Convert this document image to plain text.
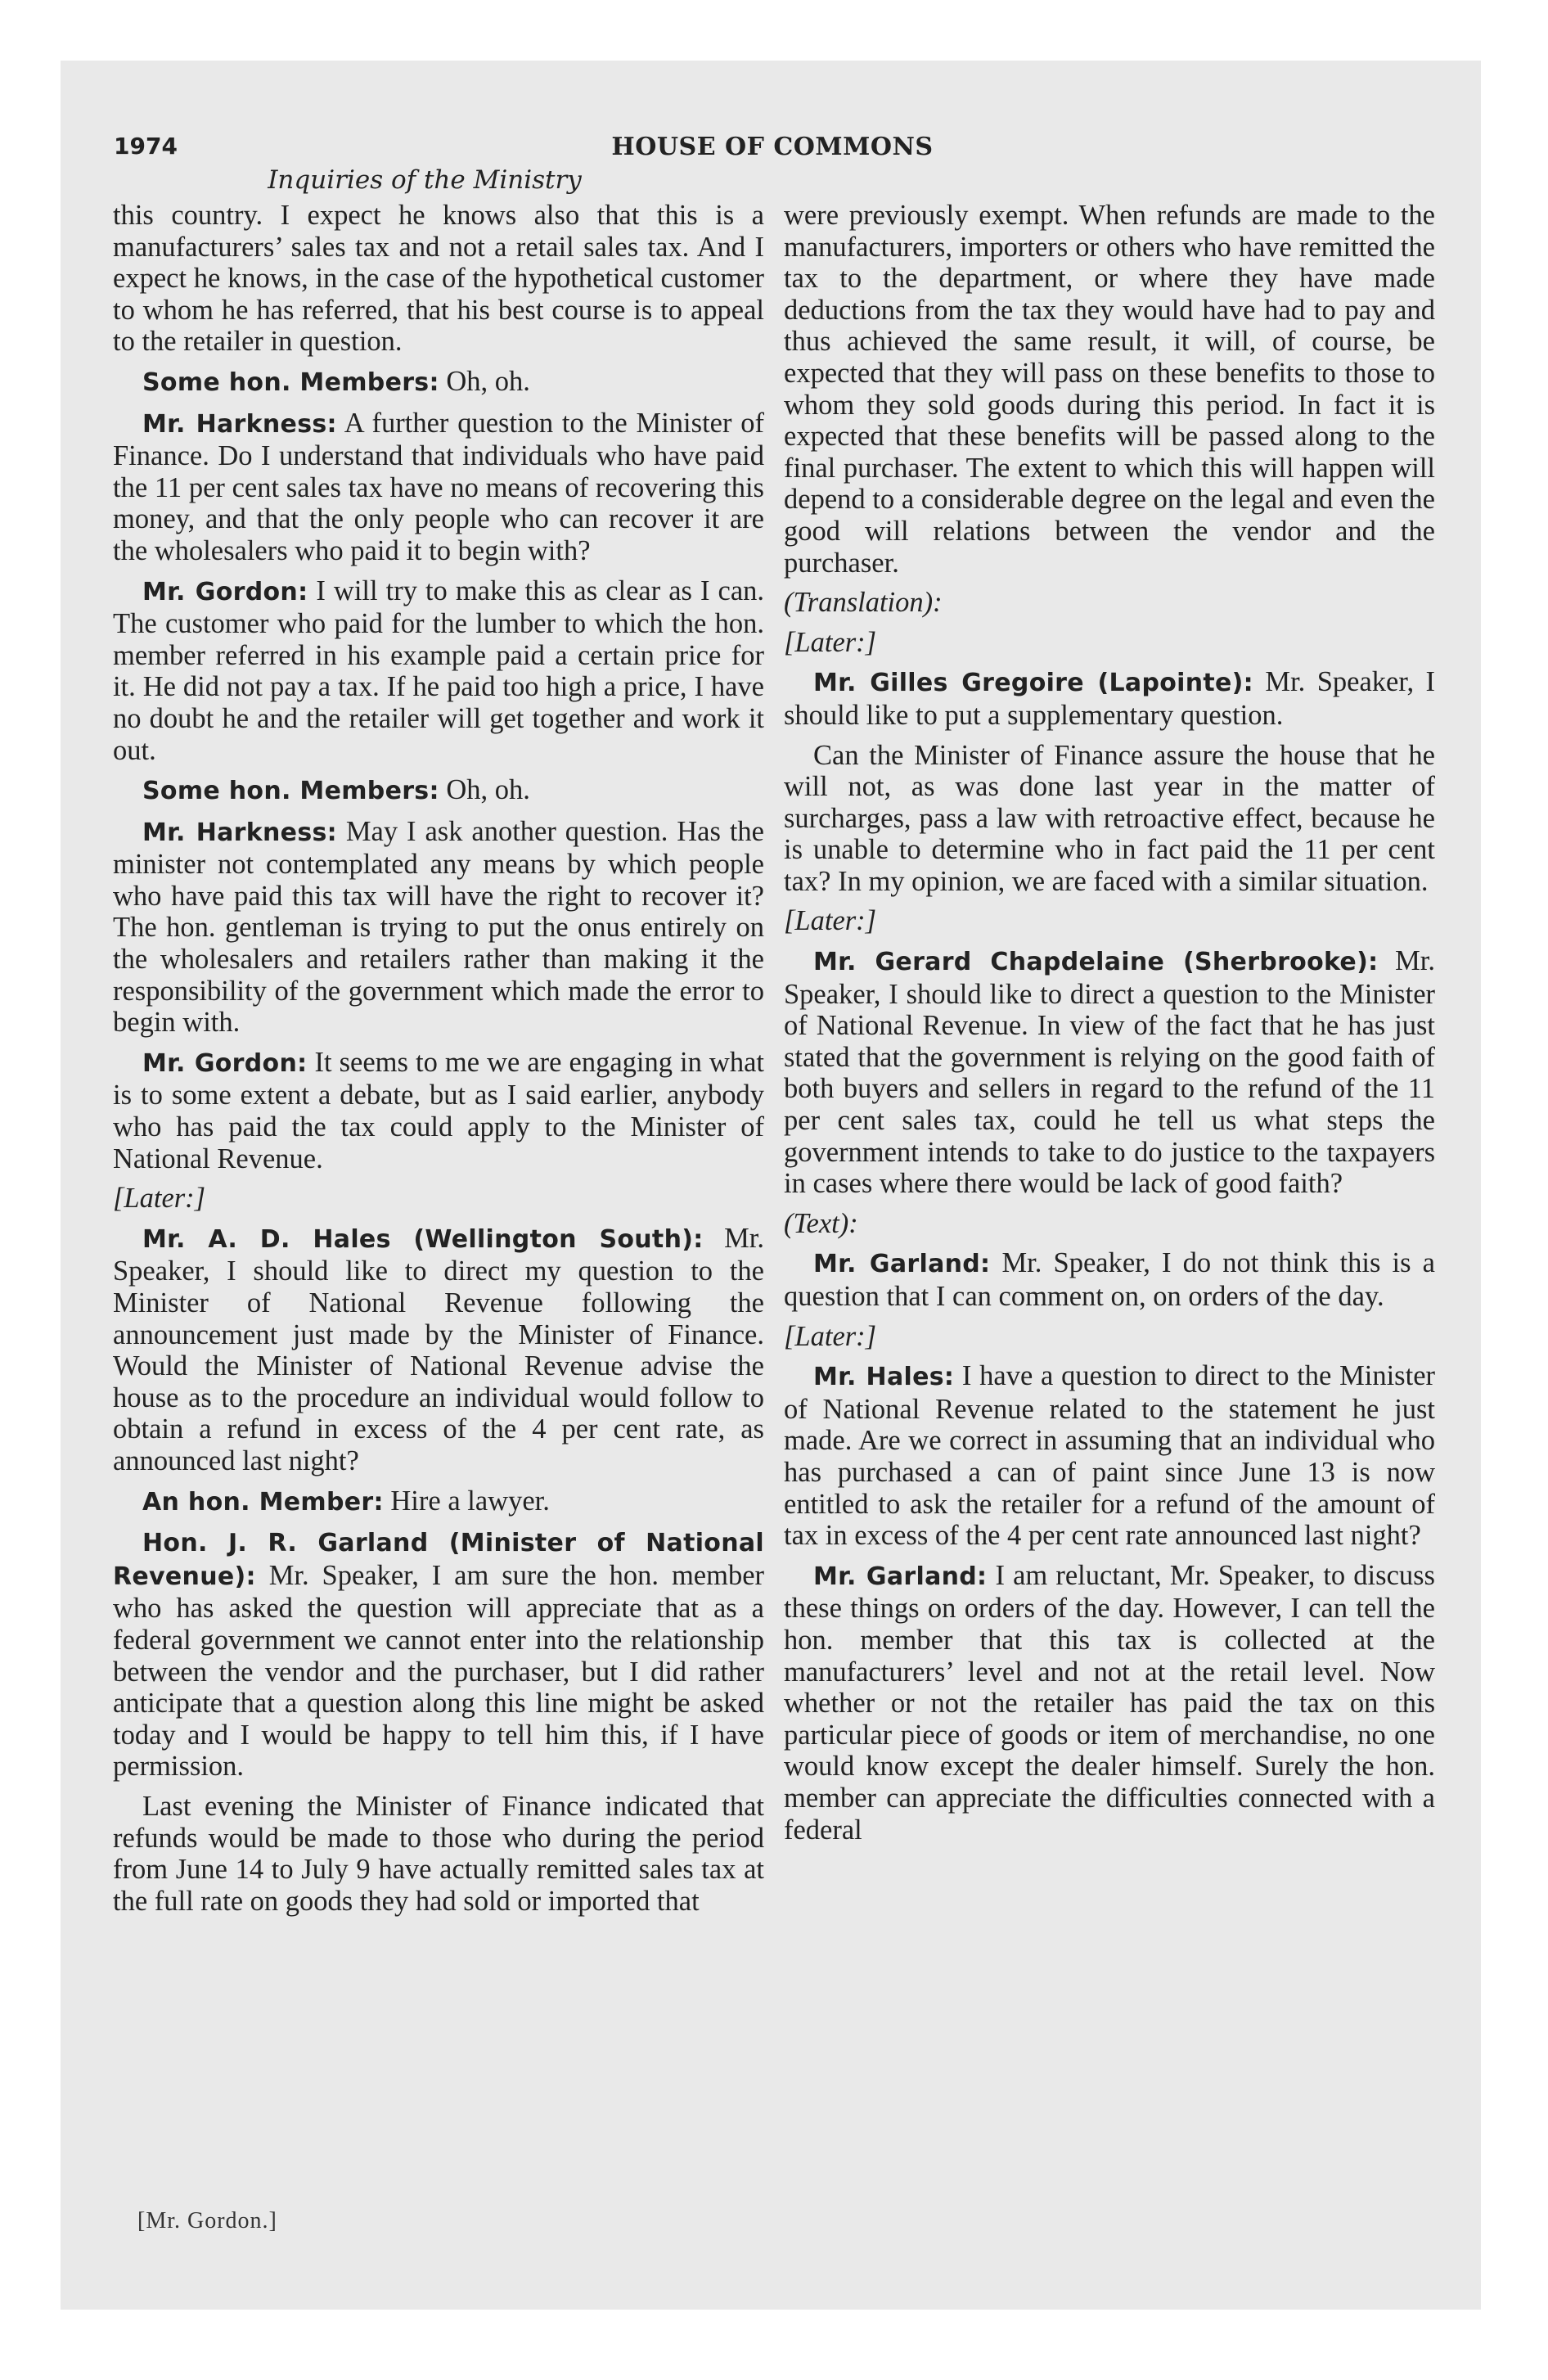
1974	HOUSE OF COMMONS
Inquiries of the Ministry

this country. I expect he knows also that this is a manufacturers’ sales tax and not a retail sales tax. And I expect he knows, in the case of the hypothetical customer to whom he has referred, that his best course is to appeal to the retailer in question.

Some hon. Members: Oh, oh.

Mr. Harkness: A further question to the Minister of Finance. Do I understand that individuals who have paid the 11 per cent sales tax have no means of recovering this money, and that the only people who can recover it are the wholesalers who paid it to begin with?

Mr. Gordon: I will try to make this as clear as I can. The customer who paid for the lumber to which the hon. member referred in his example paid a certain price for it. He did not pay a tax. If he paid too high a price, I have no doubt he and the retailer will get together and work it out.

Some hon. Members: Oh, oh.

Mr. Harkness: May I ask another question. Has the minister not contemplated any means by which people who have paid this tax will have the right to recover it? The hon. gentleman is trying to put the onus entirely on the wholesalers and retailers rather than making it the responsibility of the government which made the error to begin with.

Mr. Gordon: It seems to me we are engaging in what is to some extent a debate, but as I said earlier, anybody who has paid the tax could apply to the Minister of National Revenue.

[Later:]

Mr. A. D. Hales (Wellington South): Mr. Speaker, I should like to direct my question to the Minister of National Revenue following the announcement just made by the Minister of Finance. Would the Minister of National Revenue advise the house as to the procedure an individual would follow to obtain a refund in excess of the 4 per cent rate, as announced last night?

An hon. Member: Hire a lawyer.

Hon. J. R. Garland (Minister of National Revenue): Mr. Speaker, I am sure the hon. member who has asked the question will appreciate that as a federal government we cannot enter into the relationship between the vendor and the purchaser, but I did rather anticipate that a question along this line might be asked today and I would be happy to tell him this, if I have permission.

Last evening the Minister of Finance indicated that refunds would be made to those who during the period from June 14 to July 9 have actually remitted sales tax at the full rate on goods they had sold or imported that

were previously exempt. When refunds are made to the manufacturers, importers or others who have remitted the tax to the department, or where they have made deductions from the tax they would have had to pay and thus achieved the same result, it will, of course, be expected that they will pass on these benefits to those to whom they sold goods during this period. In fact it is expected that these benefits will be passed along to the final purchaser. The extent to which this will happen will depend to a considerable degree on the legal and even the good will relations between the vendor and the purchaser.

(Translation):

[Later:]

Mr. Gilles Gregoire (Lapointe): Mr. Speaker, I should like to put a supplementary question.

Can the Minister of Finance assure the house that he will not, as was done last year in the matter of surcharges, pass a law with retroactive effect, because he is unable to determine who in fact paid the 11 per cent tax? In my opinion, we are faced with a similar situation.

[Later:]

Mr. Gerard Chapdelaine (Sherbrooke): Mr. Speaker, I should like to direct a question to the Minister of National Revenue. In view of the fact that he has just stated that the government is relying on the good faith of both buyers and sellers in regard to the refund of the 11 per cent sales tax, could he tell us what steps the government intends to take to do justice to the taxpayers in cases where there would be lack of good faith?

(Text):

Mr. Garland: Mr. Speaker, I do not think this is a question that I can comment on, on orders of the day.

[Later:]

Mr. Hales: I have a question to direct to the Minister of National Revenue related to the statement he just made. Are we correct in assuming that an individual who has purchased a can of paint since June 13 is now entitled to ask the retailer for a refund of the amount of tax in excess of the 4 per cent rate announced last night?

Mr. Garland: I am reluctant, Mr. Speaker, to discuss these things on orders of the day. However, I can tell the hon. member that this tax is collected at the manufacturers’ level and not at the retail level. Now whether or not the retailer has paid the tax on this particular piece of goods or item of merchandise, no one would know except the dealer himself. Surely the hon. member can appreciate the difficulties connected with a federal

[Mr. Gordon.]
